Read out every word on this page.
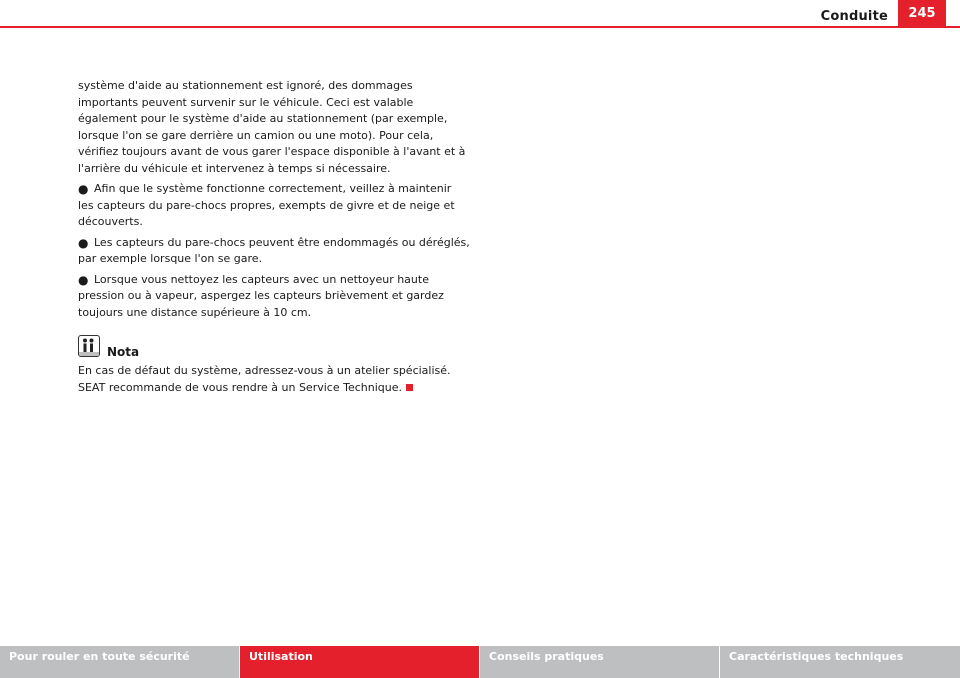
Conduite	245

système d'aide au stationnement est ignoré, des dommages importants peuvent survenir sur le véhicule. Ceci est valable également pour le système d'aide au stationnement (par exemple, lorsque l'on se gare derrière un camion ou une moto). Pour cela, vérifiez toujours avant de vous garer l'espace disponible à l'avant et à l'arrière du véhicule et intervenez à temps si nécessaire.

● Afin que le système fonctionne correctement, veillez à maintenir les capteurs du pare-chocs propres, exempts de givre et de neige et découverts.
● Les capteurs du pare-chocs peuvent être endommagés ou déréglés, par exemple lorsque l'on se gare.
● Lorsque vous nettoyez les capteurs avec un nettoyeur haute pression ou à vapeur, aspergez les capteurs brièvement et gardez toujours une distance supérieure à 10 cm.
Nota

En cas de défaut du système, adressez-vous à un atelier spécialisé. SEAT recommande de vous rendre à un Service Technique.

Pour rouler en toute sécurité	Utilisation	Conseils pratiques	Caractéristiques techniques
